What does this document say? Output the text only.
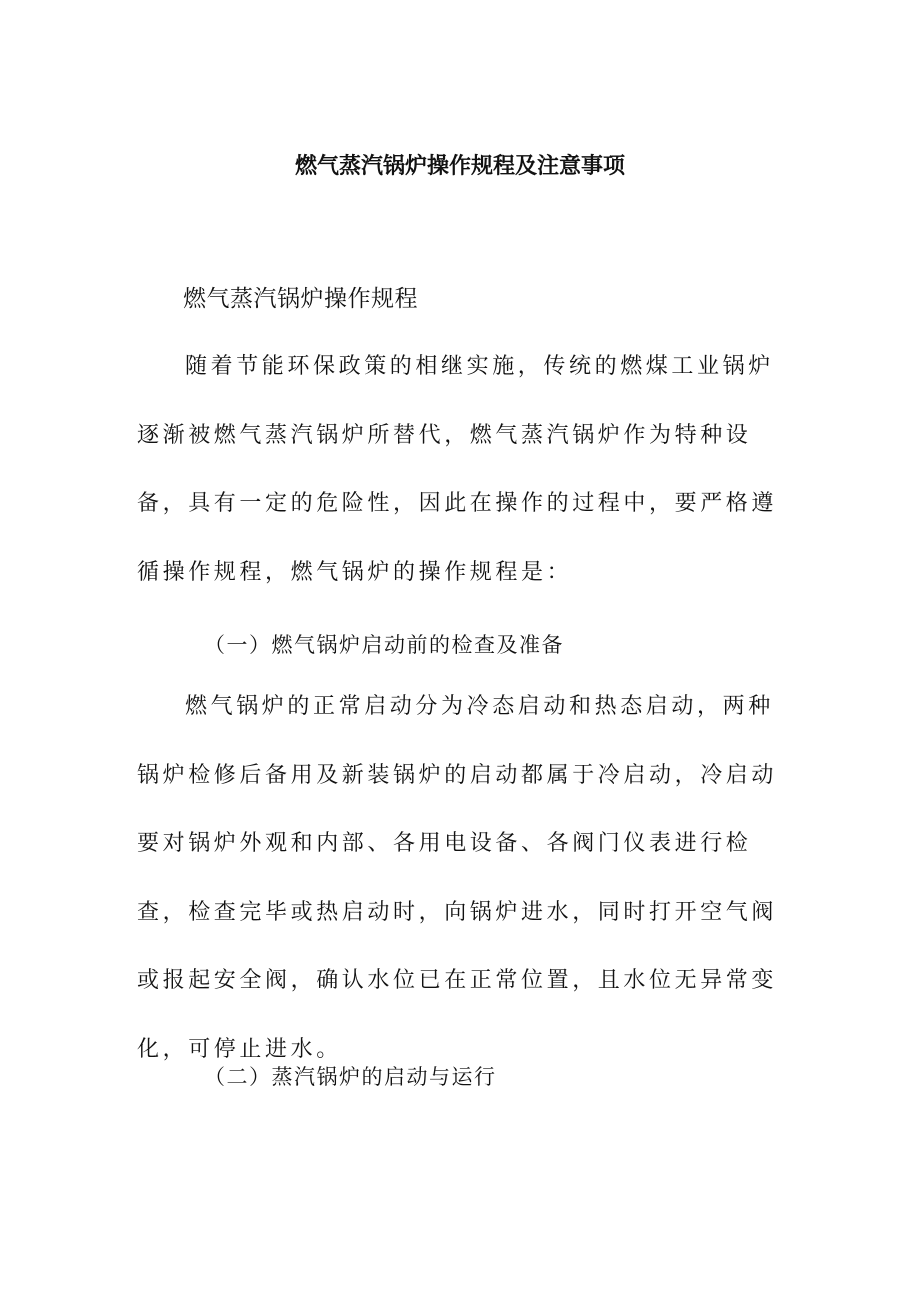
燃气蒸汽锅炉操作规程及注意事项
燃气蒸汽锅炉操作规程

随着节能环保政策的相继实施，传统的燃煤工业锅炉逐渐被燃气蒸汽锅炉所替代，燃气蒸汽锅炉作为特种设备，具有一定的危险性，因此在操作的过程中，要严格遵循操作规程，燃气锅炉的操作规程是：

（一）燃气锅炉启动前的检查及准备

燃气锅炉的正常启动分为冷态启动和热态启动，两种锅炉检修后备用及新装锅炉的启动都属于冷启动，冷启动要对锅炉外观和内部、各用电设备、各阀门仪表进行检查，检查完毕或热启动时，向锅炉进水，同时打开空气阀或报起安全阀，确认水位已在正常位置，且水位无异常变化，可停止进水。

（二）蒸汽锅炉的启动与运行
